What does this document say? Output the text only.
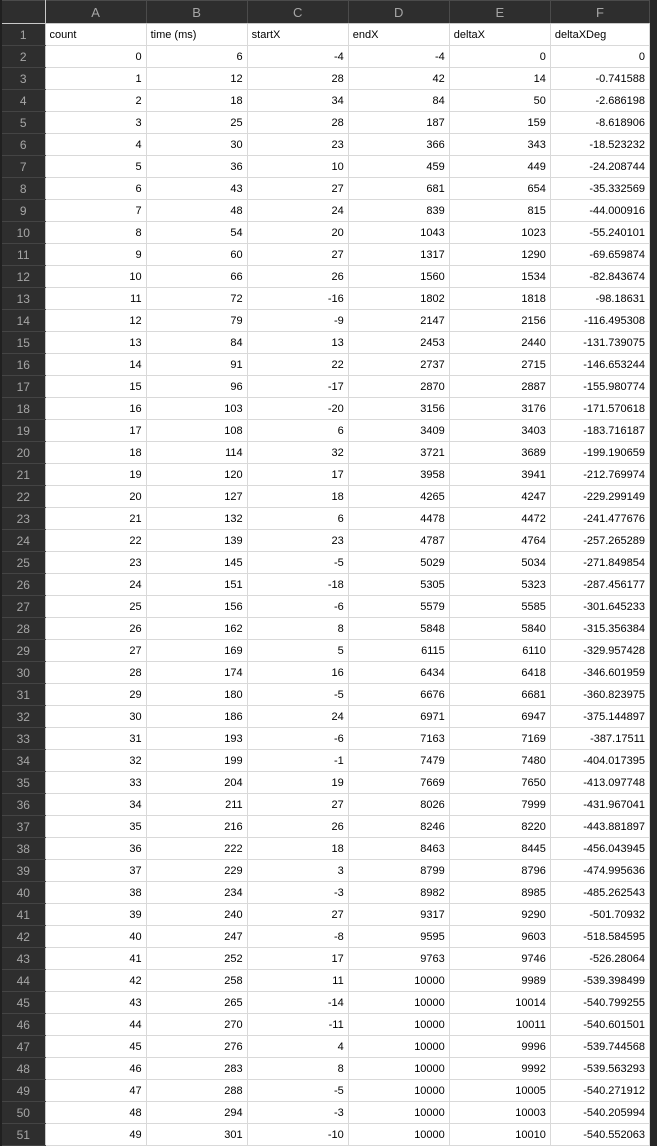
	A	B	C	D	E	F
1	count	time (ms)	startX	endX	deltaX	deltaXDeg
2	0	6	-4	-4	0	0
3	1	12	28	42	14	-0.741588
4	2	18	34	84	50	-2.686198
5	3	25	28	187	159	-8.618906
6	4	30	23	366	343	-18.523232
7	5	36	10	459	449	-24.208744
8	6	43	27	681	654	-35.332569
9	7	48	24	839	815	-44.000916
10	8	54	20	1043	1023	-55.240101
11	9	60	27	1317	1290	-69.659874
12	10	66	26	1560	1534	-82.843674
13	11	72	-16	1802	1818	-98.18631
14	12	79	-9	2147	2156	-116.495308
15	13	84	13	2453	2440	-131.739075
16	14	91	22	2737	2715	-146.653244
17	15	96	-17	2870	2887	-155.980774
18	16	103	-20	3156	3176	-171.570618
19	17	108	6	3409	3403	-183.716187
20	18	114	32	3721	3689	-199.190659
21	19	120	17	3958	3941	-212.769974
22	20	127	18	4265	4247	-229.299149
23	21	132	6	4478	4472	-241.477676
24	22	139	23	4787	4764	-257.265289
25	23	145	-5	5029	5034	-271.849854
26	24	151	-18	5305	5323	-287.456177
27	25	156	-6	5579	5585	-301.645233
28	26	162	8	5848	5840	-315.356384
29	27	169	5	6115	6110	-329.957428
30	28	174	16	6434	6418	-346.601959
31	29	180	-5	6676	6681	-360.823975
32	30	186	24	6971	6947	-375.144897
33	31	193	-6	7163	7169	-387.17511
34	32	199	-1	7479	7480	-404.017395
35	33	204	19	7669	7650	-413.097748
36	34	211	27	8026	7999	-431.967041
37	35	216	26	8246	8220	-443.881897
38	36	222	18	8463	8445	-456.043945
39	37	229	3	8799	8796	-474.995636
40	38	234	-3	8982	8985	-485.262543
41	39	240	27	9317	9290	-501.70932
42	40	247	-8	9595	9603	-518.584595
43	41	252	17	9763	9746	-526.28064
44	42	258	11	10000	9989	-539.398499
45	43	265	-14	10000	10014	-540.799255
46	44	270	-11	10000	10011	-540.601501
47	45	276	4	10000	9996	-539.744568
48	46	283	8	10000	9992	-539.563293
49	47	288	-5	10000	10005	-540.271912
50	48	294	-3	10000	10003	-540.205994
51	49	301	-10	10000	10010	-540.552063
